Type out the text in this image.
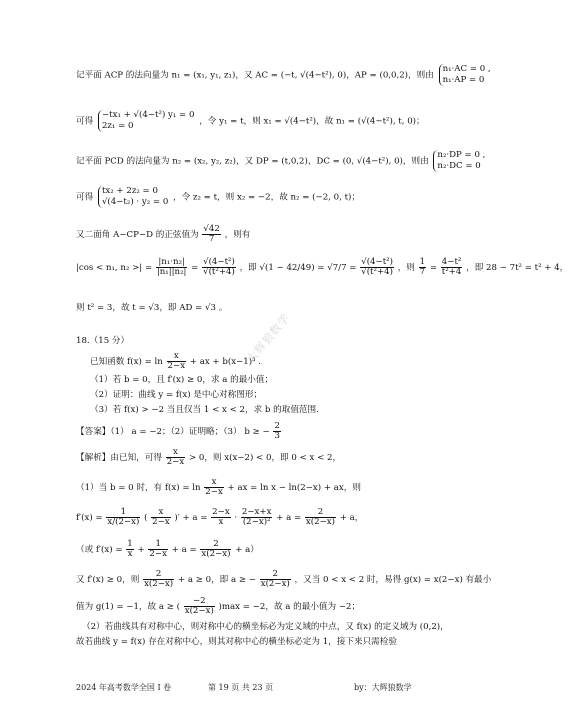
大辉狼数学
记平面 ACP 的法向量为 n₁ = (x₁, y₁, z₁)，又 AC = (−t, √(4−t²), 0)，AP = (0,0,2)，则由
n₁·AC = 0 ,
n₁·AP = 0
可得
−tx₁ + √(4−t²) y₁ = 0
2z₁ = 0	，令 y₁ = t，则 x₁ = √(4−t²)，故 n₁ = (√(4−t²), t, 0)；
记平面 PCD 的法向量为 n₂ = (x₂, y₂, z₂)，又 DP = (t,0,2)，DC = (0, √(4−t²), 0)，则由
n₂·DP = 0 ,
n₂·DC = 0
可得
tx₂ + 2z₂ = 0
√(4−t₂) · y₂ = 0 ，令 z₂ = t，则 x₂ = −2，故 n₂ = (−2, 0, t)；
又二面角 A−CP−D 的正弦值为 $\frac{√42}{7}$ ，则有
|cos < n₁, n₂ >| = $\frac{\text{|n₁·n₂|}}{\text{|n₁||n₂|}} = \frac{\text{√(4−t²)}}{\text{√(t²+4)}}$ ，即 $√(1 - 42/49) = √7/7 = \frac{\text{√(4−t²)}}{\text{√(t²+4)}}$ ，则 $\frac{1}{7} = \frac{\text{4−t²}}{\text{t²+4}}$ ，即 28 − 7t² = t² + 4，
则 t² = 3，故 t = √3，即 AD = √3 。
18.（15 分）
已知函数 $f(x) = \ln \frac{x}{2-x}$ + ax + b(x−1)³ .
（1）若 b = 0，且 f′(x) ≥ 0，求 a 的最小值；
（2）证明：曲线 y = f(x) 是中心对称图形；
（3）若 f(x) > −2 当且仅当 1 < x < 2，求 b 的取值范围.
【答案】（1） a = −2；（2）证明略；（3） b ≥ − $\frac{2}{3}$
【解析】由已知，可得 $\frac{x}{2-x} > 0$，则 x(x−2) < 0，即 0 < x < 2，
（1）当 b = 0 时，有 $f(x) = \ln \frac{x}{2-x}$ + ax = ln x − ln(2−x) + ax，则
$f'(x) = \frac{1}{x/(2-x)}$ ( $\frac{x}{2-x}$ )′ + $a = \frac{2-x}{x} \cdot \frac{2-x+x}{\text{(2−x)²}} + a = \frac{2}{x(2-x)} + a$，
（或 $f'(x) = \frac{1}{x} + \frac{1}{2-x} + a = \frac{2}{x(2-x)} + a$）
又 f′(x) ≥ 0，则 $\frac{2}{x(2-x)} + a \ge 0$，即 a ≥ − $\frac{2}{x(2-x)}$ ，又当 0 < x < 2 时，易得 g(x) = x(2−x) 有最小
值为 g(1) = −1，故 a ≥ ( $\frac{-2}{x(2-x)} )\max = -2$，故 a 的最小值为 −2；
（2）若曲线具有对称中心，则对称中心的横坐标必为定义域的中点，又 f(x) 的定义域为 (0,2)，
故若曲线 y = f(x) 存在对称中心，则其对称中心的横坐标必定为 1，接下来只需检验
2024 年高考数学全国 I 卷	第 19 页 共 23 页	by：大辉狼数学
